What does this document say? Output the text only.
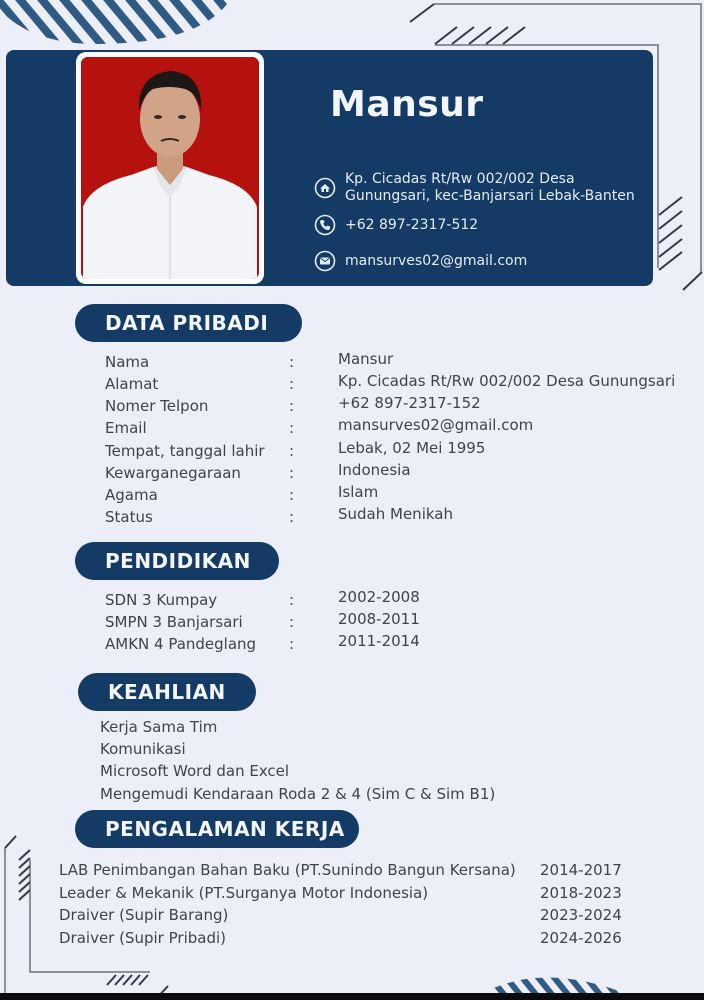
Mansur
Kp. Cicadas Rt/Rw 002/002 Desa
Gunungsari, kec-Banjarsari Lebak-Banten
+62 897-2317-512
mansurves02@gmail.com
DATA PRIBADI
Nama	:	Mansur
Alamat	:	Kp. Cicadas Rt/Rw 002/002 Desa Gunungsari
Nomer Telpon	:	+62 897-2317-152
Email	:	mansurves02@gmail.com
Tempat, tanggal lahir :	Lebak, 02 Mei 1995
Kewarganegaraan	:	Indonesia
Agama	:	Islam
Status	:	Sudah Menikah
PENDIDIKAN
SDN 3 Kumpay	:	2002-2008
SMPN 3 Banjarsari	:	2008-2011
AMKN 4 Pandeglang :	2011-2014
KEAHLIAN
Kerja Sama Tim
Komunikasi
Microsoft Word dan Excel
Mengemudi Kendaraan Roda 2 & 4 (Sim C & Sim B1)
PENGALAMAN KERJA
LAB Penimbangan Bahan Baku (PT.Sunindo Bangun Kersana) 2014-2017
Leader & Mekanik (PT.Surganya Motor Indonesia)	2018-2023
Draiver (Supir Barang)	2023-2024
Draiver (Supir Pribadi)	2024-2026
